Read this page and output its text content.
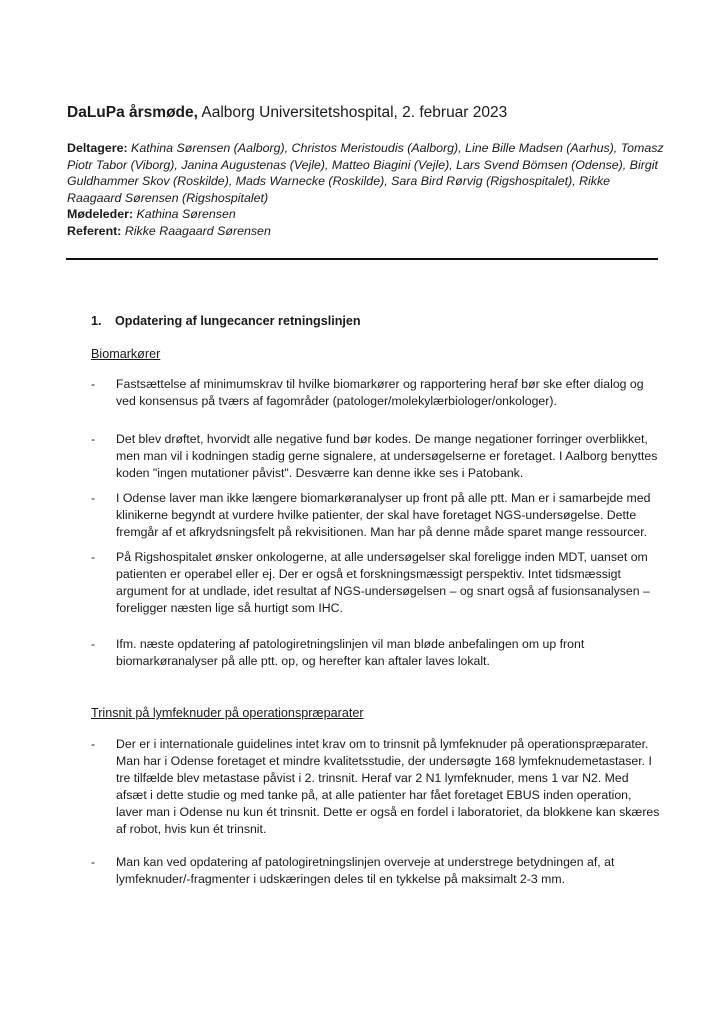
DaLuPa årsmøde, Aalborg Universitetshospital, 2. februar 2023

Deltagere: Kathina Sørensen (Aalborg), Christos Meristoudis (Aalborg), Line Bille Madsen (Aarhus), Tomasz Piotr Tabor (Viborg), Janina Augustenas (Vejle), Matteo Biagini (Vejle), Lars Svend Bömsen (Odense), Birgit Guldhammer Skov (Roskilde), Mads Warnecke (Roskilde), Sara Bird Rørvig (Rigshospitalet), Rikke Raagaard Sørensen (Rigshospitalet)

Mødeleder: Kathina Sørensen

Referent: Rikke Raagaard Sørensen

1. Opdatering af lungecancer retningslinjen
Biomarkører
-	Fastsættelse af minimumskrav til hvilke biomarkører og rapportering heraf bør ske efter dialog og ved konsensus på tværs af fagområder (patologer/molekylærbiologer/onkologer).
-	Det blev drøftet, hvorvidt alle negative fund bør kodes. De mange negationer forringer overblikket, men man vil i kodningen stadig gerne signalere, at undersøgelserne er foretaget. I Aalborg benyttes koden "ingen mutationer påvist". Desværre kan denne ikke ses i Patobank.
-	I Odense laver man ikke længere biomarkøranalyser up front på alle ptt. Man er i samarbejde med klinikerne begyndt at vurdere hvilke patienter, der skal have foretaget NGS-undersøgelse. Dette fremgår af et afkrydsningsfelt på rekvisitionen. Man har på denne måde sparet mange ressourcer.
-	På Rigshospitalet ønsker onkologerne, at alle undersøgelser skal foreligge inden MDT, uanset om patienten er operabel eller ej. Der er også et forskningsmæssigt perspektiv. Intet tidsmæssigt argument for at undlade, idet resultat af NGS-undersøgelsen – og snart også af fusionsanalysen – foreligger næsten lige så hurtigt som IHC.
-	Ifm. næste opdatering af patologiretningslinjen vil man bløde anbefalingen om up front biomarkøranalyser på alle ptt. op, og herefter kan aftaler laves lokalt.
Trinsnit på lymfeknuder på operationspræparater
-	Der er i internationale guidelines intet krav om to trinsnit på lymfeknuder på operationspræparater. Man har i Odense foretaget et mindre kvalitetsstudie, der undersøgte 168 lymfeknudemetastaser. I tre tilfælde blev metastase påvist i 2. trinsnit. Heraf var 2 N1 lymfeknuder, mens 1 var N2. Med afsæt i dette studie og med tanke på, at alle patienter har fået foretaget EBUS inden operation, laver man i Odense nu kun ét trinsnit. Dette er også en fordel i laboratoriet, da blokkene kan skæres af robot, hvis kun ét trinsnit.
-	Man kan ved opdatering af patologiretningslinjen overveje at understrege betydningen af, at lymfeknuder/-fragmenter i udskæringen deles til en tykkelse på maksimalt 2-3 mm.
